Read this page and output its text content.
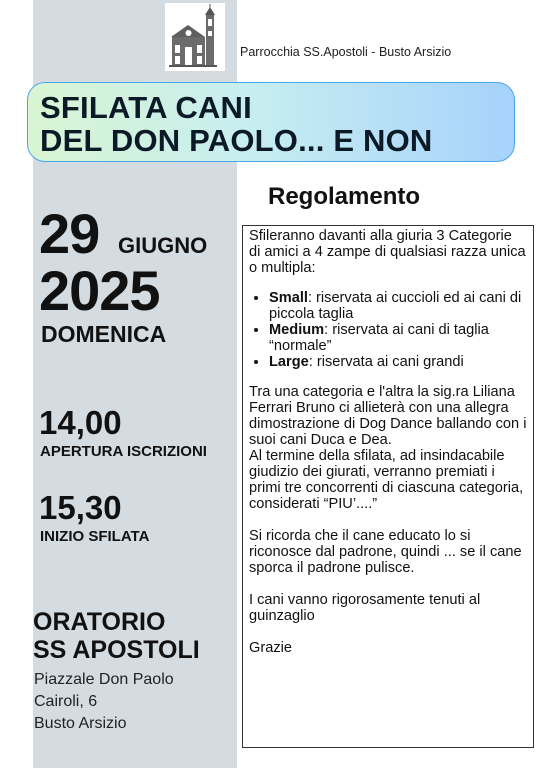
Parrocchia SS.Apostoli - Busto Arsizio
SFILATA CANI
DEL DON PAOLO... E NON
29 GIUGNO
2025
DOMENICA
14,00
APERTURA ISCRIZIONI
15,30
INIZIO SFILATA
ORATORIO
SS APOSTOLI
Piazzale Don Paolo
Cairoli, 6
Busto Arsizio
Regolamento

Sfileranno davanti alla giuria 3 Categorie di amici a 4 zampe di qualsiasi razza unica o multipla:

• Small: riservata ai cuccioli ed ai cani di piccola taglia
• Medium: riservata ai cani di taglia “normale”
• Large: riservata ai cani grandi

Tra una categoria e l'altra la sig.ra Liliana Ferrari Bruno ci allieterà con una allegra dimostrazione di Dog Dance ballando con i suoi cani Duca e Dea.

Al termine della sfilata, ad insindacabile giudizio dei giurati, verranno premiati i primi tre concorrenti di ciascuna categoria, considerati “PIU’....”

Si ricorda che il cane educato lo si riconosce dal padrone, quindi ... se il cane sporca il padrone pulisce.

I cani vanno rigorosamente tenuti al guinzaglio

Grazie
